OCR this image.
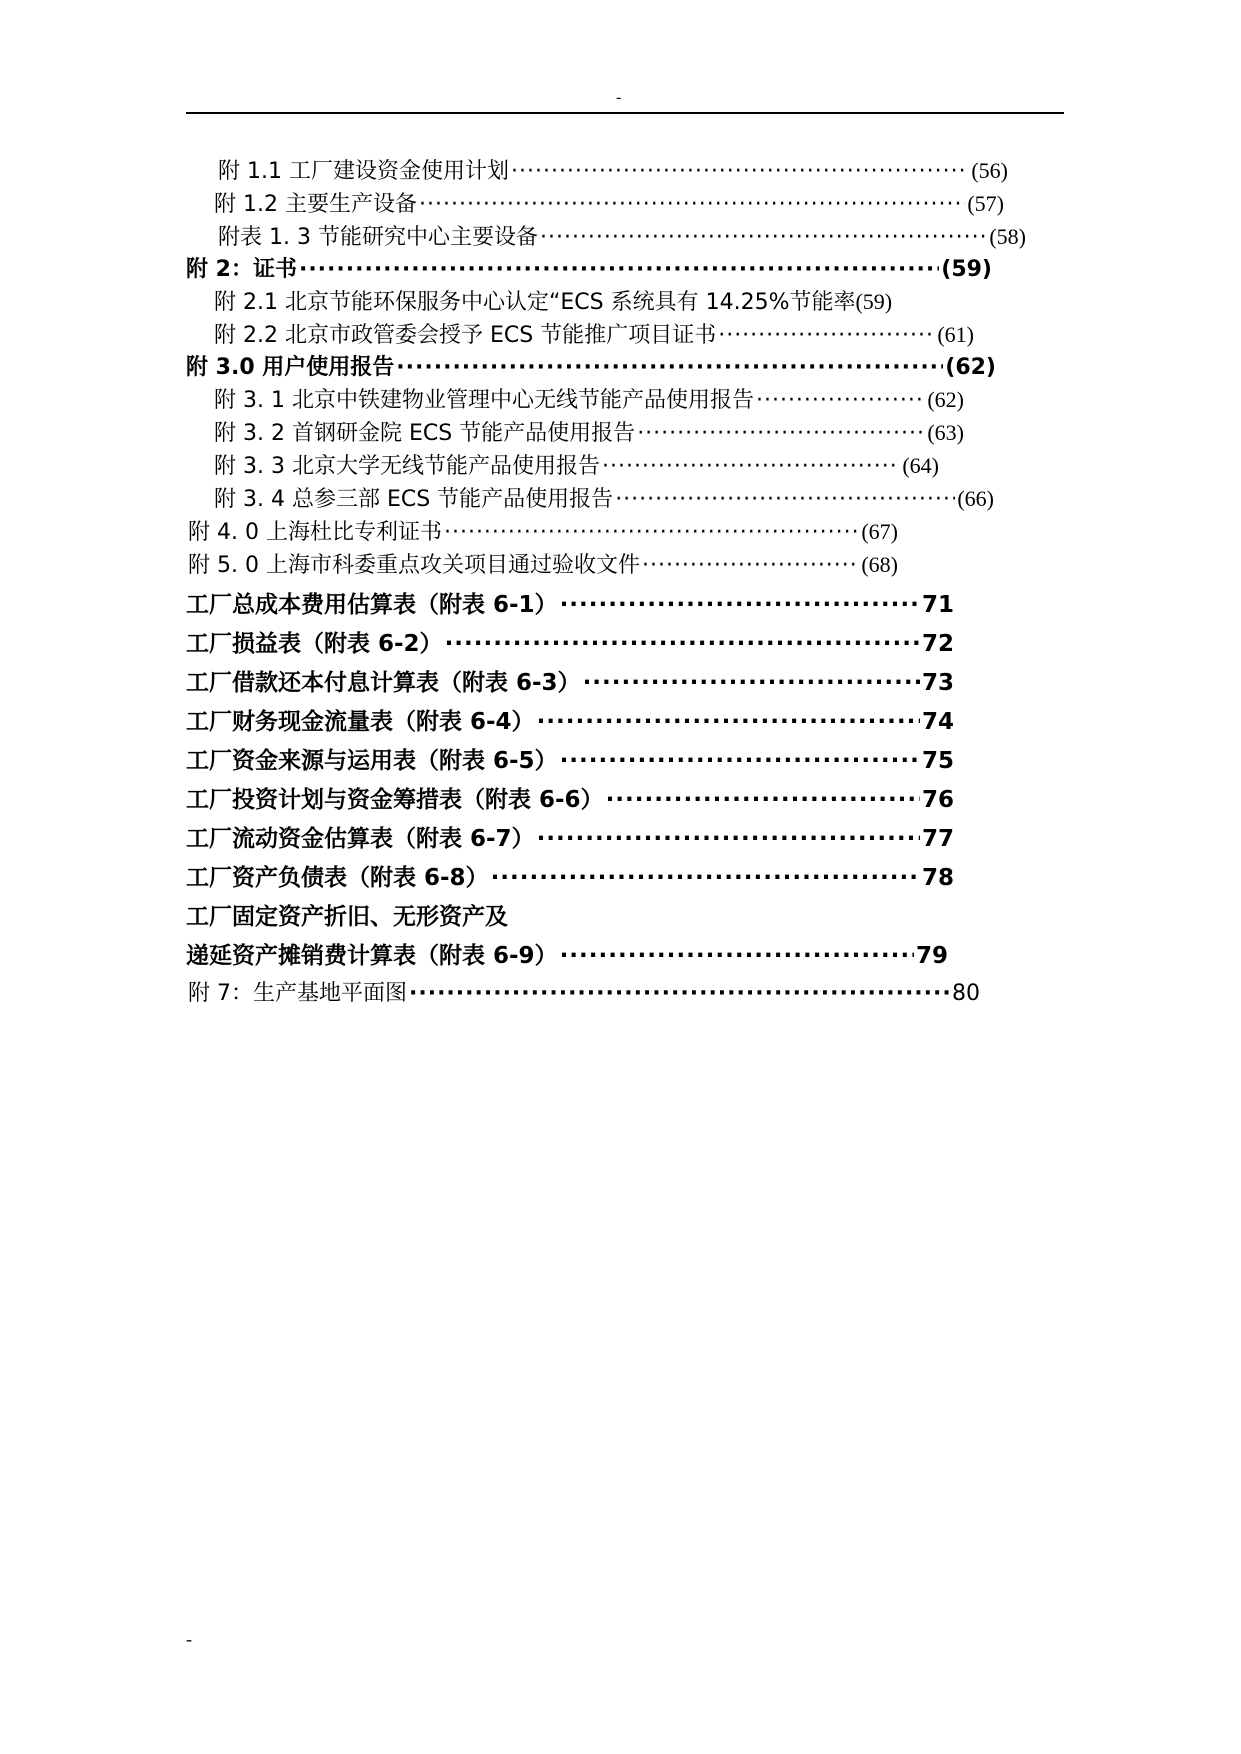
-
附 1.1 工厂建设资金使用计划 ·····	(56)
附 1.2 主要生产设备 ·····	(57)
附表 1. 3 节能研究中心主要设备 ·····	(58)
附 2：证书 ·····	(59)
附 2.1 北京节能环保服务中心认定“ECS 系统具有 14.25%节能率 (59)
附 2.2 北京市政管委会授予 ECS 节能推广项目证书 ·····	(61)
附 3.0 用户使用报告 ·····	(62)
附 3. 1 北京中铁建物业管理中心无线节能产品使用报告 ·····	(62)
附 3. 2 首钢研金院 ECS 节能产品使用报告 ·····	(63)
附 3. 3 北京大学无线节能产品使用报告 ·····	(64)
附 3. 4 总参三部 ECS 节能产品使用报告 ·····	(66)
附 4. 0 上海杜比专利证书 ·····	(67)
附 5. 0 上海市科委重点攻关项目通过验收文件 ·····	(68)
工厂总成本费用估算表（附表 6-1） ·····	71
工厂损益表（附表 6-2） ·····	72
工厂借款还本付息计算表（附表 6-3） ·····	73
工厂财务现金流量表（附表 6-4） ·····	74
工厂资金来源与运用表（附表 6-5） ·····	75
工厂投资计划与资金筹措表（附表 6-6） ·····	76
工厂流动资金估算表（附表 6-7） ·····	77
工厂资产负债表（附表 6-8） ·····	78
工厂固定资产折旧、无形资产及
递延资产摊销费计算表（附表 6-9） ·····	79
附 7：生产基地平面图 ·····	80
-
